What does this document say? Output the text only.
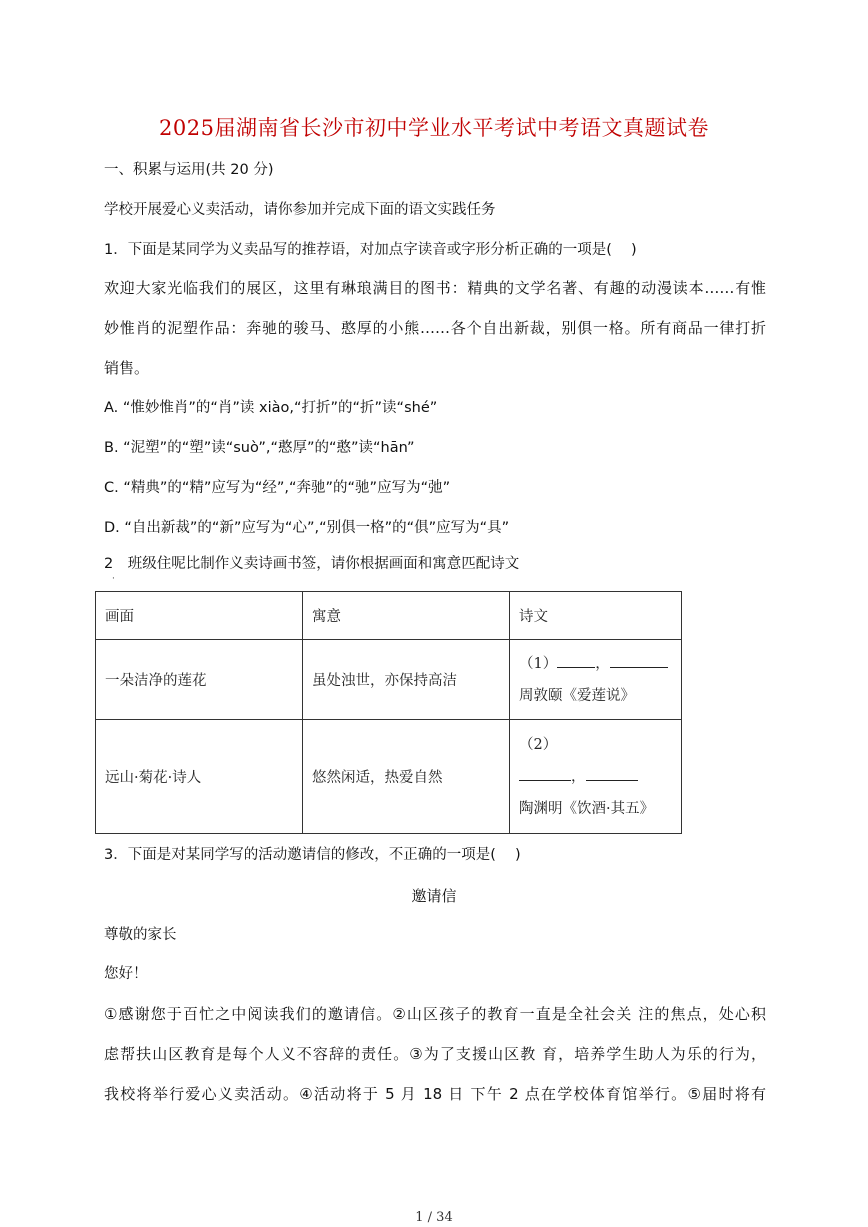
2025届湖南省长沙市初中学业水平考试中考语文真题试卷
一、积累与运用(共 20 分)
学校开展爱心义卖活动，请你参加并完成下面的语文实践任务
1．下面是某同学为义卖品写的推荐语，对加点字读音或字形分析正确的一项是(　 )
欢迎大家光临我们的展区，这里有琳琅满目的图书：精典的文学名著、有趣的动漫读本……有惟
妙惟肖的泥塑作品：奔驰的骏马、憨厚的小熊……各个自出新裁，别俱一格。所有商品一律打折
销售。
A. “惟妙惟肖”的“肖”读 xiào,“打折”的“折”读“shé”
B. “泥塑”的“塑”读“suò”,“憨厚”的“憨”读“hān”
C. “精典”的“精”应写为“经”,“奔驰”的“驰”应写为“弛”
D. “自出新裁”的“新”应写为“心”,“别俱一格”的“俱”应写为“具”
2　班级住呢比制作义卖诗画书签，请你根据画面和寓意匹配诗文
·
画面	寓意	诗文
一朵洁净的莲花	虽处浊世，亦保持高洁	（1） ，
周敦颐《爱莲说》

远山·菊花·诗人	悠然闲适，热爱自然	（2）
，
陶渊明《饮酒·其五》
3．下面是对某同学写的活动邀请信的修改，不正确的一项是(　 )
邀请信
尊敬的家长
您好！
①感谢您于百忙之中阅读我们的邀请信。②山区孩子的教育一直是全社会关 注的焦点，处心积
虑帮扶山区教育是每个人义不容辞的责任。③为了支援山区教 育，培养学生助人为乐的行为，
我校将举行爱心义卖活动。④活动将于 5 月 18 日 下午 2 点在学校体育馆举行。⑤届时将有
1 / 34
